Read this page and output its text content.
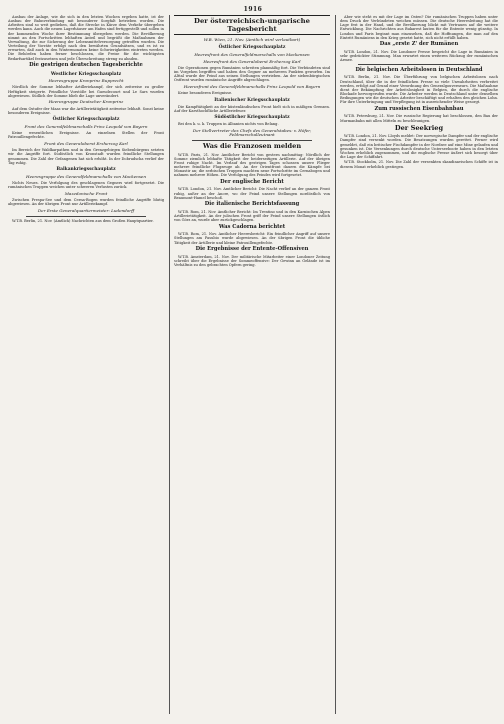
1916

Ausbau der Anlage, wie die sich in den letzten Wochen ergeben hatte, ist der Ausbau der Bahnverbindung mit besonderer Sorgfalt betrieben worden. Die Arbeiten sind so weit gediehen, daß die Strecke in Kürze dem Verkehr übergeben werden kann. Auch die neuen Lagerhäuser am Hafen sind fertiggestellt und sollen in der kommenden Woche ihrer Bestimmung übergeben werden. Die Bevölkerung nimmt an den Fortschritten lebhaften Anteil und begrüßt die Maßnahmen der Verwaltung, die zur Sicherung der Lebensmittelversorgung getroffen wurden. Die Verteilung der Vorräte erfolgt nach den bewährten Grundsätzen, und es ist zu erwarten, daß auch in den Wintermonaten keine Schwierigkeiten eintreten werden. Die Behörden haben ferner beschlossen, die Preise für die wichtigsten Bedarfsartikel festzusetzen und jede Überschreitung streng zu ahnden.

Die gestrigen deutschen Tagesberichte
Westlicher Kriegsschauplatz
Heeresgruppe Kronprinz Rupprecht

Nördlich der Somme lebhafter Artilleriekampf, der sich zeitweise zu großer Heftigkeit steigerte. Feindliche Vorstöße bei Gueudecourt und Le Sars wurden abgewiesen. Südlich der Somme blieb die Lage unverändert.

Heeresgruppe Deutscher Kronprinz

Auf dem Ostufer der Maas war die Artillerietätigkeit zeitweise lebhaft. Sonst keine besonderen Ereignisse.

Östlicher Kriegsschauplatz
Front des Generalfeldmarschalls Prinz Leopold von Bayern

Keine wesentlichen Ereignisse. An einzelnen Stellen der Front Patrouillengefechte.

Front des Generaloberst Erzherzog Karl

Im Bereich der Waldkarpathen und in den Grenzgebirgen Siebenbürgens setzten wir die Angriffe fort. Südöstlich von Kronstadt wurden feindliche Stellungen genommen. Die Zahl der Gefangenen hat sich erhöht. In der Dobrudscha verlief der Tag ruhig.

Balkankriegsschauplatz
Heeresgruppe des Generalfeldmarschalls von Mackensen

Nichts Neues. Die Verfolgung des geschlagenen Gegners wird fortgesetzt. Die rumänischen Truppen weichen unter schweren Verlusten zurück.

Mazedonische Front

Zwischen Prespa-See und dem Cerna-Bogen wurden feindliche Angriffe blutig abgewiesen. An der übrigen Front nur Artilleriekampf.

Der Erste Generalquartiermeister: Ludendorff

W.T.B. Berlin, 21. Nov. (Amtlich) Nachrichten aus dem Großen Hauptquartier.

Der österreichisch-ungarische Tagesbericht
W.B. Wien, 21. Nov. (Amtlich wird verlautbart)
Östlicher Kriegsschauplatz
Heeresfront des Generalfeldmarschalls von Mackensen
Heeresfront des Generaloberst Erzherzog Karl

Die Operationen gegen Rumänien schreiten planmäßig fort. Die Verbündeten sind im Vorgehen begriffen und haben den Gegner an mehreren Punkten geworfen. Im Alttal wurde der Feind aus seinen Stellungen vertrieben. An der siebenbürgischen Ostfront wurden rumänische Angriffe abgeschlagen.

Heeresfront des Generalfeldmarschalls Prinz Leopold von Bayern

Keine besonderen Ereignisse.

Italienischer Kriegsschauplatz

Die Kampftätigkeit an der küstenländischen Front hielt sich in mäßigen Grenzen. Auf der Karsthochfläche Artilleriefeuer.

Südöstlicher Kriegsschauplatz

Bei den k. u. k. Truppen in Albanien nichts von Belang.

Der Stellvertreter des Chefs des Generalstabes: v. Höfer, Feldmarschalleutnant
Was die Franzosen melden

W.T.B. Paris, 21. Nov. Amtlicher Bericht von gestern nachmittag: Nördlich der Somme ziemlich lebhafte Tätigkeit der beiderseitigen Artillerie. Auf der übrigen Front ruhige Nacht. Im Verlauf des gestrigen Tages schossen unsere Flieger mehrere feindliche Flugzeuge ab. An der Orientfront dauern die Kämpfe bei Monastir an; die serbischen Truppen machten neue Fortschritte im Cernabogen und nahmen mehrere Höhen. Die Verfolgung des Feindes wird fortgesetzt.

Der englische Bericht

W.T.B. London, 21. Nov. Amtlicher Bericht: Die Nacht verlief an der ganzen Front ruhig, außer an der Ancre, wo der Feind unsere Stellungen nordöstlich von Beaumont-Hamel beschoß.

Die italienische Berichtsfassung

W.T.B. Rom, 21. Nov. Amtlicher Bericht: Im Trentino und in den Karnischen Alpen Artillerietätigkeit. An der julischen Front griff der Feind unsere Stellungen östlich von Görz an, wurde aber zurückgeschlagen.

Was Cadorna berichtet

W.T.B. Rom, 21. Nov. Amtlicher Heeresbericht: Ein feindlicher Angriff auf unsere Stellungen am Pasubio wurde abgewiesen. An der übrigen Front die übliche Tätigkeit der Artillerie und kleine Patrouillengefechte.

Die Ergebnisse der Entente-Offensiven

W.T.B. Amsterdam, 21. Nov. Der militärische Mitarbeiter einer Londoner Zeitung schreibt über die Ergebnisse der Sommeoffensive: Der Gewinn an Gelände ist im Verhältnis zu den gebrachten Opfern gering.

Aber wie steht es mit der Lage im Osten? Die rumänischen Truppen haben unter dem Druck der Verbündeten weichen müssen. Die deutsche Heeresleitung hat die Lage fest in der Hand, und die Bevölkerung blickt mit Vertrauen auf die weitere Entwicklung. Die Nachrichten aus Bukarest lauten für die Entente wenig günstig. In London und Paris beginnt man einzusehen, daß die Hoffnungen, die man auf den Eintritt Rumäniens in den Krieg gesetzt hatte, sich nicht erfüllt haben.

Das „erste Z' der Rumänen

W.T.B. London, 21. Nov. Die Londoner Presse bespricht die Lage in Rumänien in sehr gedrückter Stimmung. Man erwartet einen weiteren Rückzug der rumänischen Armee.

Die belgischen Arbeitslosen in Deutschland

W.T.B. Berlin, 21. Nov. Die Überführung von belgischen Arbeitslosen nach Deutschland, über die in der feindlichen Presse so viele Unwahrheiten verbreitet werden, erfolgt auf Grund einer Verordnung des Generalgouverneurs. Die Maßnahme dient der Bekämpfung der Arbeitslosigkeit in Belgien, die durch die englische Blockade hervorgerufen wurde. Die Arbeiter werden in Deutschland unter denselben Bedingungen wie die deutschen Arbeiter beschäftigt und erhalten den gleichen Lohn. Für ihre Unterbringung und Verpflegung ist in ausreichender Weise gesorgt.

Zum russischen Eisenbahnbau

W.T.B. Petersburg, 21. Nov. Die russische Regierung hat beschlossen, den Bau der Murmanbahn mit allen Mitteln zu beschleunigen.

Der Seekrieg

W.T.B. London, 21. Nov. Lloyds meldet: Der norwegische Dampfer und der englische Dampfer sind versenkt worden. Die Besatzungen wurden gerettet. Ferner wird gemeldet, daß ein britischer Fischdampfer in der Nordsee auf eine Mine gelaufen und gesunken ist. Die Versenkungen durch deutsche Unterseeboote haben in den letzten Wochen erheblich zugenommen, und die englische Presse äußert sich besorgt über die Lage der Schiffahrt.

W.T.B. Stockholm, 21. Nov. Die Zahl der versenkten skandinavischen Schiffe ist in diesem Monat erheblich gestiegen.
